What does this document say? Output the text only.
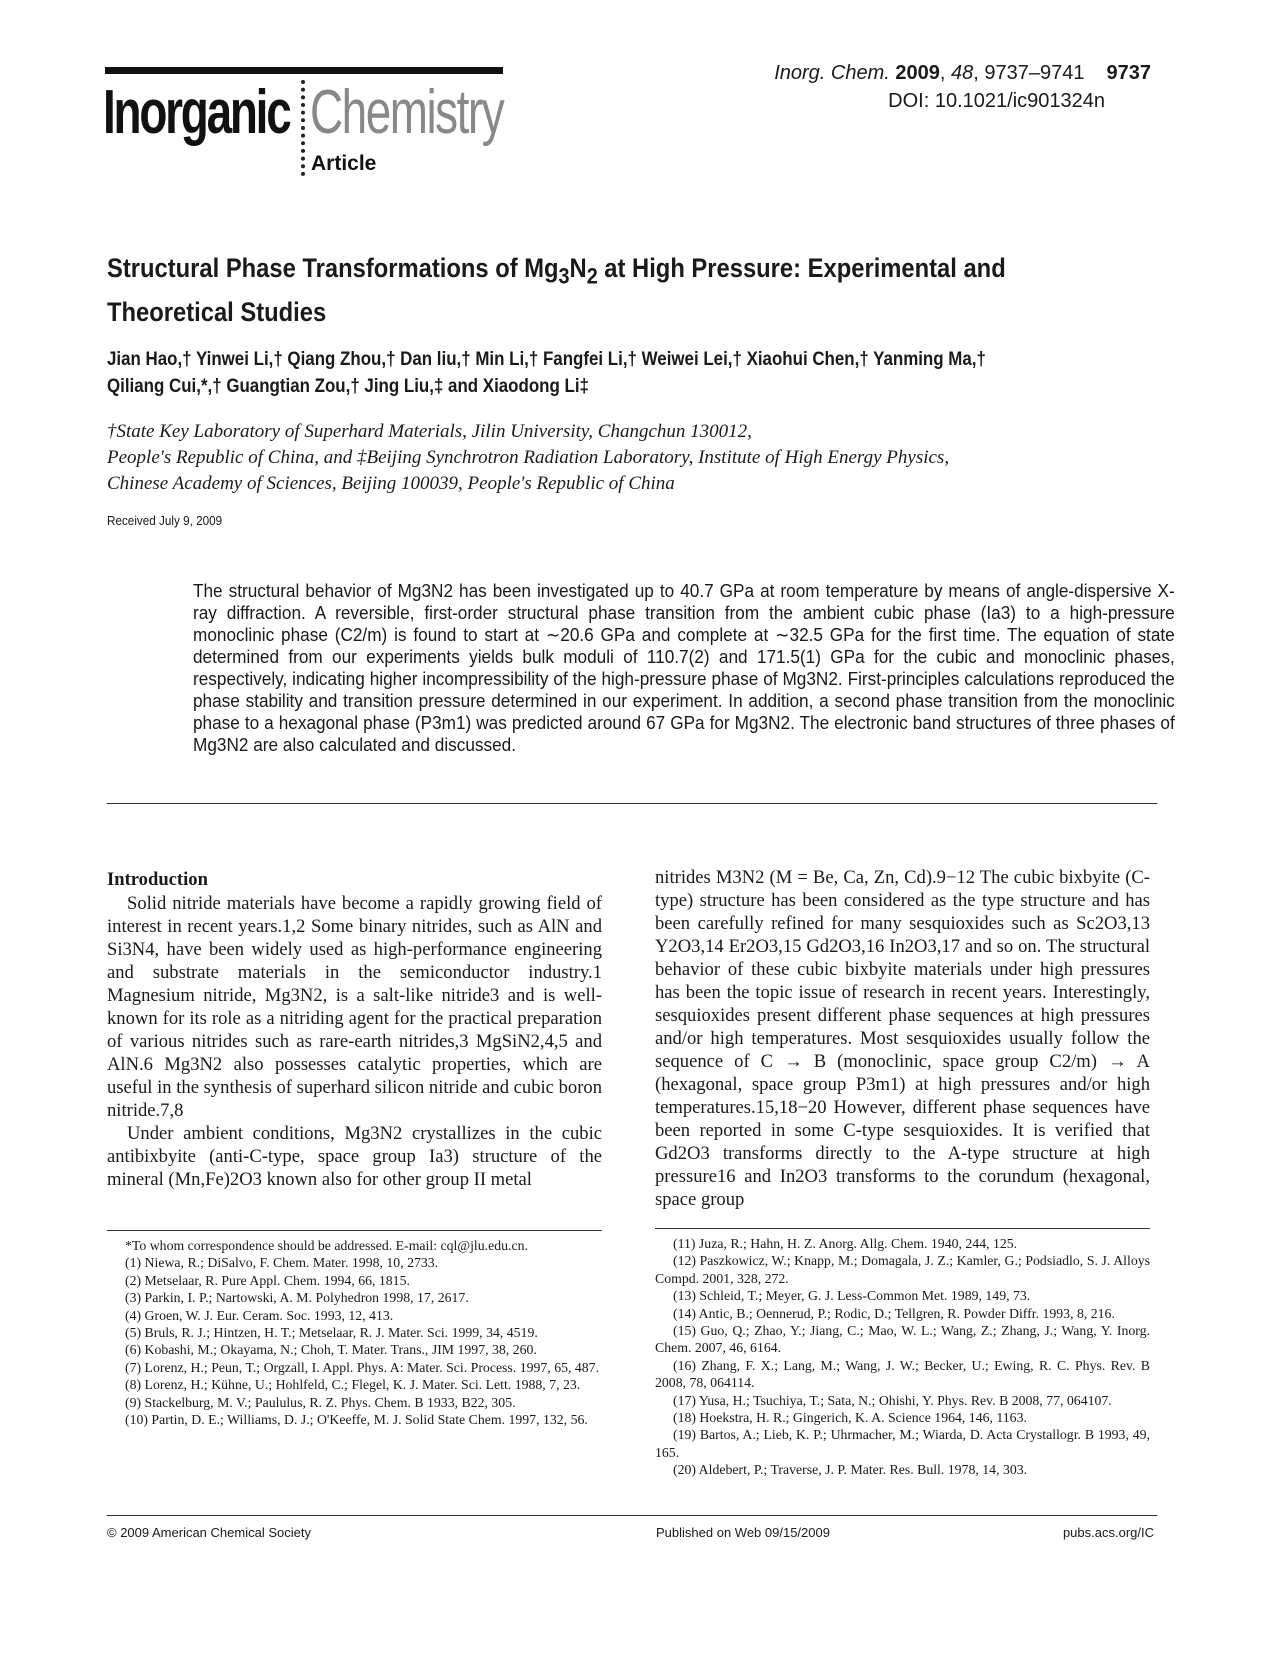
Inorganic Chemistry
Article
Inorg. Chem. 2009, 48, 9737–9741 9737
DOI: 10.1021/ic901324n
Structural Phase Transformations of $Mg_3N_2$ at High Pressure: Experimental and
Theoretical Studies
Jian Hao,† Yinwei Li,† Qiang Zhou,† Dan liu,† Min Li,† Fangfei Li,† Weiwei Lei,† Xiaohui Chen,† Yanming Ma,†
Qiliang Cui,*,† Guangtian Zou,† Jing Liu,‡ and Xiaodong Li‡
†State Key Laboratory of Superhard Materials, Jilin University, Changchun 130012,
People's Republic of China, and ‡Beijing Synchrotron Radiation Laboratory, Institute of High Energy Physics,
Chinese Academy of Sciences, Beijing 100039, People's Republic of China
Received July 9, 2009
The structural behavior of Mg3N2 has been investigated up to 40.7 GPa at room temperature by means of angle-dispersive X-ray diffraction. A reversible, first-order structural phase transition from the ambient cubic phase (Ia3) to a high-pressure monoclinic phase (C2/m) is found to start at ∼20.6 GPa and complete at ∼32.5 GPa for the first time. The equation of state determined from our experiments yields bulk moduli of 110.7(2) and 171.5(1) GPa for the cubic and monoclinic phases, respectively, indicating higher incompressibility of the high-pressure phase of Mg3N2. First-principles calculations reproduced the phase stability and transition pressure determined in our experiment. In addition, a second phase transition from the monoclinic phase to a hexagonal phase (P3m1) was predicted around 67 GPa for Mg3N2. The electronic band structures of three phases of Mg3N2 are also calculated and discussed.
Introduction

Solid nitride materials have become a rapidly growing field of interest in recent years.1,2 Some binary nitrides, such as AlN and Si3N4, have been widely used as high-performance engineering and substrate materials in the semiconductor industry.1 Magnesium nitride, Mg3N2, is a salt-like nitride3 and is well-known for its role as a nitriding agent for the practical preparation of various nitrides such as rare-earth nitrides,3 MgSiN2,4,5 and AlN.6 Mg3N2 also possesses catalytic properties, which are useful in the synthesis of superhard silicon nitride and cubic boron nitride.7,8

Under ambient conditions, Mg3N2 crystallizes in the cubic antibixbyite (anti-C-type, space group Ia3) structure of the mineral (Mn,Fe)2O3 known also for other group II metal

nitrides M3N2 (M = Be, Ca, Zn, Cd).9−12 The cubic bixbyite (C-type) structure has been considered as the type structure and has been carefully refined for many sesquioxides such as Sc2O3,13 Y2O3,14 Er2O3,15 Gd2O3,16 In2O3,17 and so on. The structural behavior of these cubic bixbyite materials under high pressures has been the topic issue of research in recent years. Interestingly, sesquioxides present different phase sequences at high pressures and/or high temperatures. Most sesquioxides usually follow the sequence of C → B (monoclinic, space group C2/m) → A (hexagonal, space group P3m1) at high pressures and/or high temperatures.15,18−20 However, different phase sequences have been reported in some C-type sesquioxides. It is verified that Gd2O3 transforms directly to the A-type structure at high pressure16 and In2O3 transforms to the corundum (hexagonal, space group

*To whom correspondence should be addressed. E-mail: cql@jlu.edu.cn.
(1) Niewa, R.; DiSalvo, F. Chem. Mater. 1998, 10, 2733.
(2) Metselaar, R. Pure Appl. Chem. 1994, 66, 1815.
(3) Parkin, I. P.; Nartowski, A. M. Polyhedron 1998, 17, 2617.
(4) Groen, W. J. Eur. Ceram. Soc. 1993, 12, 413.
(5) Bruls, R. J.; Hintzen, H. T.; Metselaar, R. J. Mater. Sci. 1999, 34, 4519.
(6) Kobashi, M.; Okayama, N.; Choh, T. Mater. Trans., JIM 1997, 38, 260.
(7) Lorenz, H.; Peun, T.; Orgzall, I. Appl. Phys. A: Mater. Sci. Process. 1997, 65, 487.
(8) Lorenz, H.; Kühne, U.; Hohlfeld, C.; Flegel, K. J. Mater. Sci. Lett. 1988, 7, 23.
(9) Stackelburg, M. V.; Paululus, R. Z. Phys. Chem. B 1933, B22, 305.
(10) Partin, D. E.; Williams, D. J.; O'Keeffe, M. J. Solid State Chem. 1997, 132, 56.
(11) Juza, R.; Hahn, H. Z. Anorg. Allg. Chem. 1940, 244, 125.
(12) Paszkowicz, W.; Knapp, M.; Domagala, J. Z.; Kamler, G.; Podsiadlo, S. J. Alloys Compd. 2001, 328, 272.
(13) Schleid, T.; Meyer, G. J. Less-Common Met. 1989, 149, 73.
(14) Antic, B.; Oennerud, P.; Rodic, D.; Tellgren, R. Powder Diffr. 1993, 8, 216.
(15) Guo, Q.; Zhao, Y.; Jiang, C.; Mao, W. L.; Wang, Z.; Zhang, J.; Wang, Y. Inorg. Chem. 2007, 46, 6164.
(16) Zhang, F. X.; Lang, M.; Wang, J. W.; Becker, U.; Ewing, R. C. Phys. Rev. B 2008, 78, 064114.
(17) Yusa, H.; Tsuchiya, T.; Sata, N.; Ohishi, Y. Phys. Rev. B 2008, 77, 064107.
(18) Hoekstra, H. R.; Gingerich, K. A. Science 1964, 146, 1163.
(19) Bartos, A.; Lieb, K. P.; Uhrmacher, M.; Wiarda, D. Acta Crystallogr. B 1993, 49, 165.
(20) Aldebert, P.; Traverse, J. P. Mater. Res. Bull. 1978, 14, 303.
© 2009 American Chemical Society	Published on Web 09/15/2009	pubs.acs.org/IC
